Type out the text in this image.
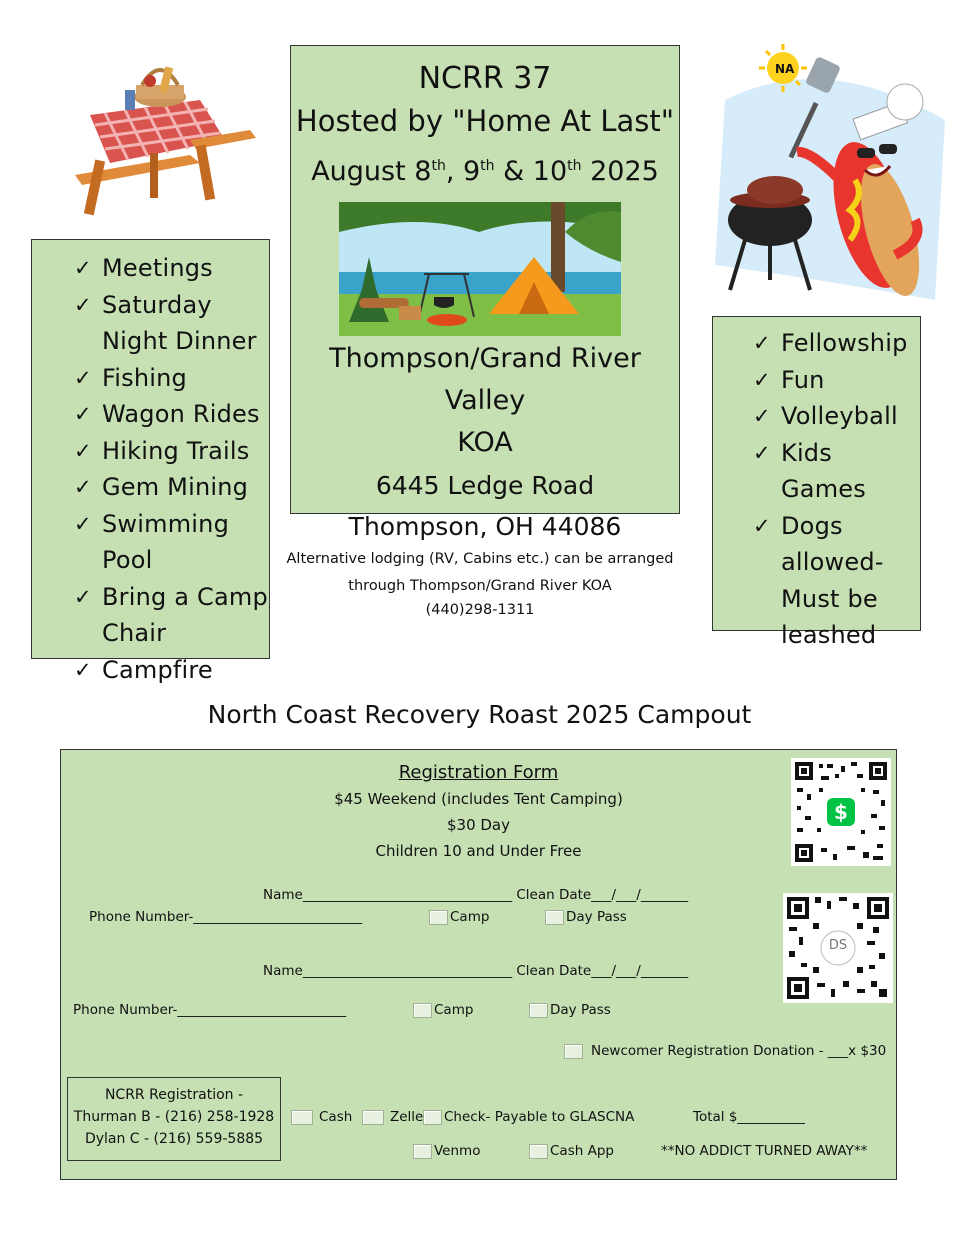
NA
NCRR 37
Hosted by "Home At Last"
August 8th, 9th & 10th 2025
Thompson/Grand River Valley
KOA
6445 Ledge Road
Thompson, OH 44086
Alternative lodging (RV, Cabins etc.) can be arranged
through Thompson/Grand River KOA
(440)298-1311
✓ Meetings
✓ Saturday Night Dinner
✓ Fishing
✓ Wagon Rides
✓ Hiking Trails
✓ Gem Mining
✓ Swimming Pool
✓ Bring a Camp Chair
✓ Campfire
✓ Fellowship
✓ Fun
✓ Volleyball
✓ Kids Games
✓ Dogs allowed- Must be leashed
North Coast Recovery Roast 2025 Campout
Registration Form
$45 Weekend (includes Tent Camping)
$30 Day
Children 10 and Under Free
$
DS
Name_______________________________ Clean Date___/___/_______
Phone Number-_________________________	Camp	Day Pass
Name_______________________________ Clean Date___/___/_______
Phone Number-_________________________	Camp	Day Pass
Newcomer Registration Donation - ___x $30
NCRR Registration -
Thurman B - (216) 258-1928
Dylan C - (216) 559-5885
Cash	Zelle	Check- Payable to GLASCNA	Total $__________
Venmo	Cash App	**NO ADDICT TURNED AWAY**
